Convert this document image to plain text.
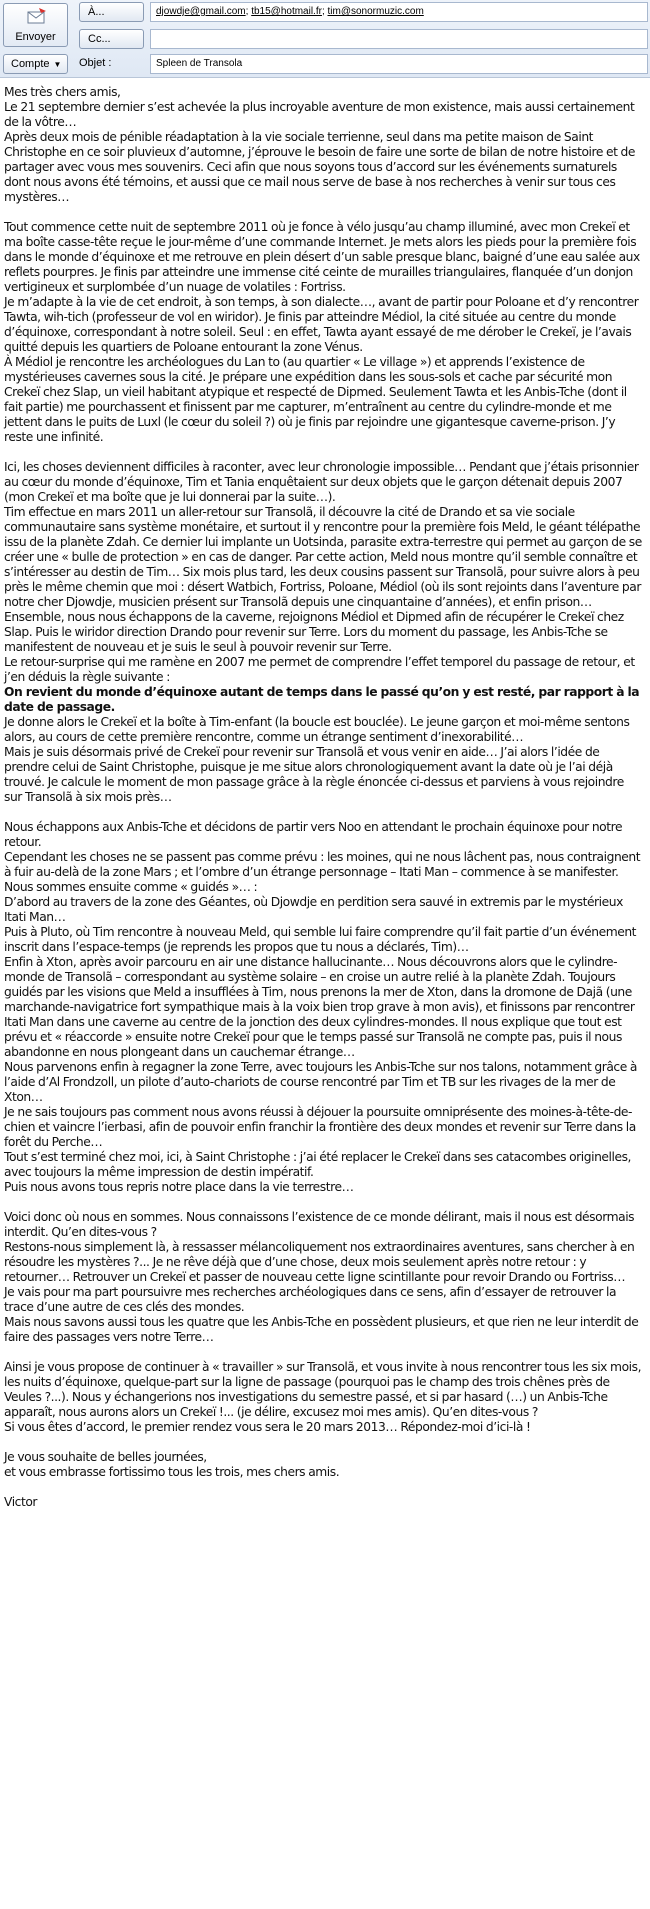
Envoyer
À...
Cc...
Compte ▼ Objet :
djowdje@gmail.com; tb15@hotmail.fr; tim@sonormuzic.com
Spleen de Transola

Mes très chers amis,

Le 21 septembre dernier s’est achevée la plus incroyable aventure de mon existence, mais aussi certainement de la vôtre…

Après deux mois de pénible réadaptation à la vie sociale terrienne, seul dans ma petite maison de Saint Christophe en ce soir pluvieux d’automne, j’éprouve le besoin de faire une sorte de bilan de notre histoire et de partager avec vous mes souvenirs. Ceci afin que nous soyons tous d’accord sur les événements surnaturels dont nous avons été témoins, et aussi que ce mail nous serve de base à nos recherches à venir sur tous ces mystères…

Tout commence cette nuit de septembre 2011 où je fonce à vélo jusqu’au champ illuminé, avec mon Crekeï et ma boîte casse-tête reçue le jour-même d’une commande Internet. Je mets alors les pieds pour la première fois dans le monde d’équinoxe et me retrouve en plein désert d’un sable presque blanc, baigné d’une eau salée aux reflets pourpres. Je finis par atteindre une immense cité ceinte de murailles triangulaires, flanquée d’un donjon vertigineux et surplombée d’un nuage de volatiles : Fortriss.

Je m’adapte à la vie de cet endroit, à son temps, à son dialecte…, avant de partir pour Poloane et d’y rencontrer Tawta, wih-tich (professeur de vol en wiridor). Je finis par atteindre Médiol, la cité située au centre du monde d’équinoxe, correspondant à notre soleil. Seul : en effet, Tawta ayant essayé de me dérober le Crekeï, je l’avais quitté depuis les quartiers de Poloane entourant la zone Vénus.

À Médiol je rencontre les archéologues du Lan to (au quartier « Le village ») et apprends l’existence de mystérieuses cavernes sous la cité. Je prépare une expédition dans les sous-sols et cache par sécurité mon Crekeï chez Slap, un vieil habitant atypique et respecté de Dipmed. Seulement Tawta et les Anbis-Tche (dont il fait partie) me pourchassent et finissent par me capturer, m’entraînent au centre du cylindre-monde et me jettent dans le puits de Luxl (le cœur du soleil ?) où je finis par rejoindre une gigantesque caverne-prison. J’y reste une infinité.

Ici, les choses deviennent difficiles à raconter, avec leur chronologie impossible… Pendant que j’étais prisonnier au cœur du monde d’équinoxe, Tim et Tania enquêtaient sur deux objets que le garçon détenait depuis 2007 (mon Crekeï et ma boîte que je lui donnerai par la suite…).

Tim effectue en mars 2011 un aller-retour sur Transolã, il découvre la cité de Drando et sa vie sociale communautaire sans système monétaire, et surtout il y rencontre pour la première fois Meld, le géant télépathe issu de la planète Zdah. Ce dernier lui implante un Uotsinda, parasite extra-terrestre qui permet au garçon de se créer une « bulle de protection » en cas de danger. Par cette action, Meld nous montre qu’il semble connaître et s’intéresser au destin de Tim… Six mois plus tard, les deux cousins passent sur Transolã, pour suivre alors à peu près le même chemin que moi : désert Watbich, Fortriss, Poloane, Médiol (où ils sont rejoints dans l’aventure par notre cher Djowdje, musicien présent sur Transolã depuis une cinquantaine d’années), et enfin prison…

Ensemble, nous nous échappons de la caverne, rejoignons Médiol et Dipmed afin de récupérer le Crekeï chez Slap. Puis le wiridor direction Drando pour revenir sur Terre. Lors du moment du passage, les Anbis-Tche se manifestent de nouveau et je suis le seul à pouvoir revenir sur Terre.

Le retour-surprise qui me ramène en 2007 me permet de comprendre l’effet temporel du passage de retour, et j’en déduis la règle suivante :

On revient du monde d’équinoxe autant de temps dans le passé qu’on y est resté, par rapport à la date de passage.

Je donne alors le Crekeï et la boîte à Tim-enfant (la boucle est bouclée). Le jeune garçon et moi-même sentons alors, au cours de cette première rencontre, comme un étrange sentiment d’inexorabilité…

Mais je suis désormais privé de Crekeï pour revenir sur Transolã et vous venir en aide… J’ai alors l’idée de prendre celui de Saint Christophe, puisque je me situe alors chronologiquement avant la date où je l’ai déjà trouvé. Je calcule le moment de mon passage grâce à la règle énoncée ci-dessus et parviens à vous rejoindre sur Transolã à six mois près…

Nous échappons aux Anbis-Tche et décidons de partir vers Noo en attendant le prochain équinoxe pour notre retour.

Cependant les choses ne se passent pas comme prévu : les moines, qui ne nous lâchent pas, nous contraignent à fuir au-delà de la zone Mars ; et l’ombre d’un étrange personnage – Itati Man – commence à se manifester. Nous sommes ensuite comme « guidés »… :

D’abord au travers de la zone des Géantes, où Djowdje en perdition sera sauvé in extremis par le mystérieux Itati Man…

Puis à Pluto, où Tim rencontre à nouveau Meld, qui semble lui faire comprendre qu’il fait partie d’un événement inscrit dans l’espace-temps (je reprends les propos que tu nous a déclarés, Tim)…

Enfin à Xton, après avoir parcouru en air une distance hallucinante… Nous découvrons alors que le cylindre-monde de Transolã – correspondant au système solaire – en croise un autre relié à la planète Zdah. Toujours guidés par les visions que Meld a insufflées à Tim, nous prenons la mer de Xton, dans la dromone de Dajã (une marchande-navigatrice fort sympathique mais à la voix bien trop grave à mon avis), et finissons par rencontrer Itati Man dans une caverne au centre de la jonction des deux cylindres-mondes. Il nous explique que tout est prévu et « réaccorde » ensuite notre Crekeï pour que le temps passé sur Transolã ne compte pas, puis il nous abandonne en nous plongeant dans un cauchemar étrange…

Nous parvenons enfin à regagner la zone Terre, avec toujours les Anbis-Tche sur nos talons, notamment grâce à l’aide d’Al Frondzoll, un pilote d’auto-chariots de course rencontré par Tim et TB sur les rivages de la mer de Xton…

Je ne sais toujours pas comment nous avons réussi à déjouer la poursuite omniprésente des moines-à-tête-de-chien et vaincre l’ierbasi, afin de pouvoir enfin franchir la frontière des deux mondes et revenir sur Terre dans la forêt du Perche…

Tout s’est terminé chez moi, ici, à Saint Christophe : j’ai été replacer le Crekeï dans ses catacombes originelles, avec toujours la même impression de destin impératif.

Puis nous avons tous repris notre place dans la vie terrestre…

Voici donc où nous en sommes. Nous connaissons l’existence de ce monde délirant, mais il nous est désormais interdit. Qu’en dites-vous ?

Restons-nous simplement là, à ressasser mélancoliquement nos extraordinaires aventures, sans chercher à en résoudre les mystères ?... Je ne rêve déjà que d’une chose, deux mois seulement après notre retour : y retourner… Retrouver un Crekeï et passer de nouveau cette ligne scintillante pour revoir Drando ou Fortriss…

Je vais pour ma part poursuivre mes recherches archéologiques dans ce sens, afin d’essayer de retrouver la trace d’une autre de ces clés des mondes.

Mais nous savons aussi tous les quatre que les Anbis-Tche en possèdent plusieurs, et que rien ne leur interdit de faire des passages vers notre Terre…

Ainsi je vous propose de continuer à « travailler » sur Transolã, et vous invite à nous rencontrer tous les six mois, les nuits d’équinoxe, quelque-part sur la ligne de passage (pourquoi pas le champ des trois chênes près de Veules ?...). Nous y échangerions nos investigations du semestre passé, et si par hasard (…) un Anbis-Tche apparaît, nous aurons alors un Crekeï !... (je délire, excusez moi mes amis). Qu’en dites-vous ?

Si vous êtes d’accord, le premier rendez vous sera le 20 mars 2013… Répondez-moi d’ici-là !

Je vous souhaite de belles journées,

et vous embrasse fortissimo tous les trois, mes chers amis.

Victor
